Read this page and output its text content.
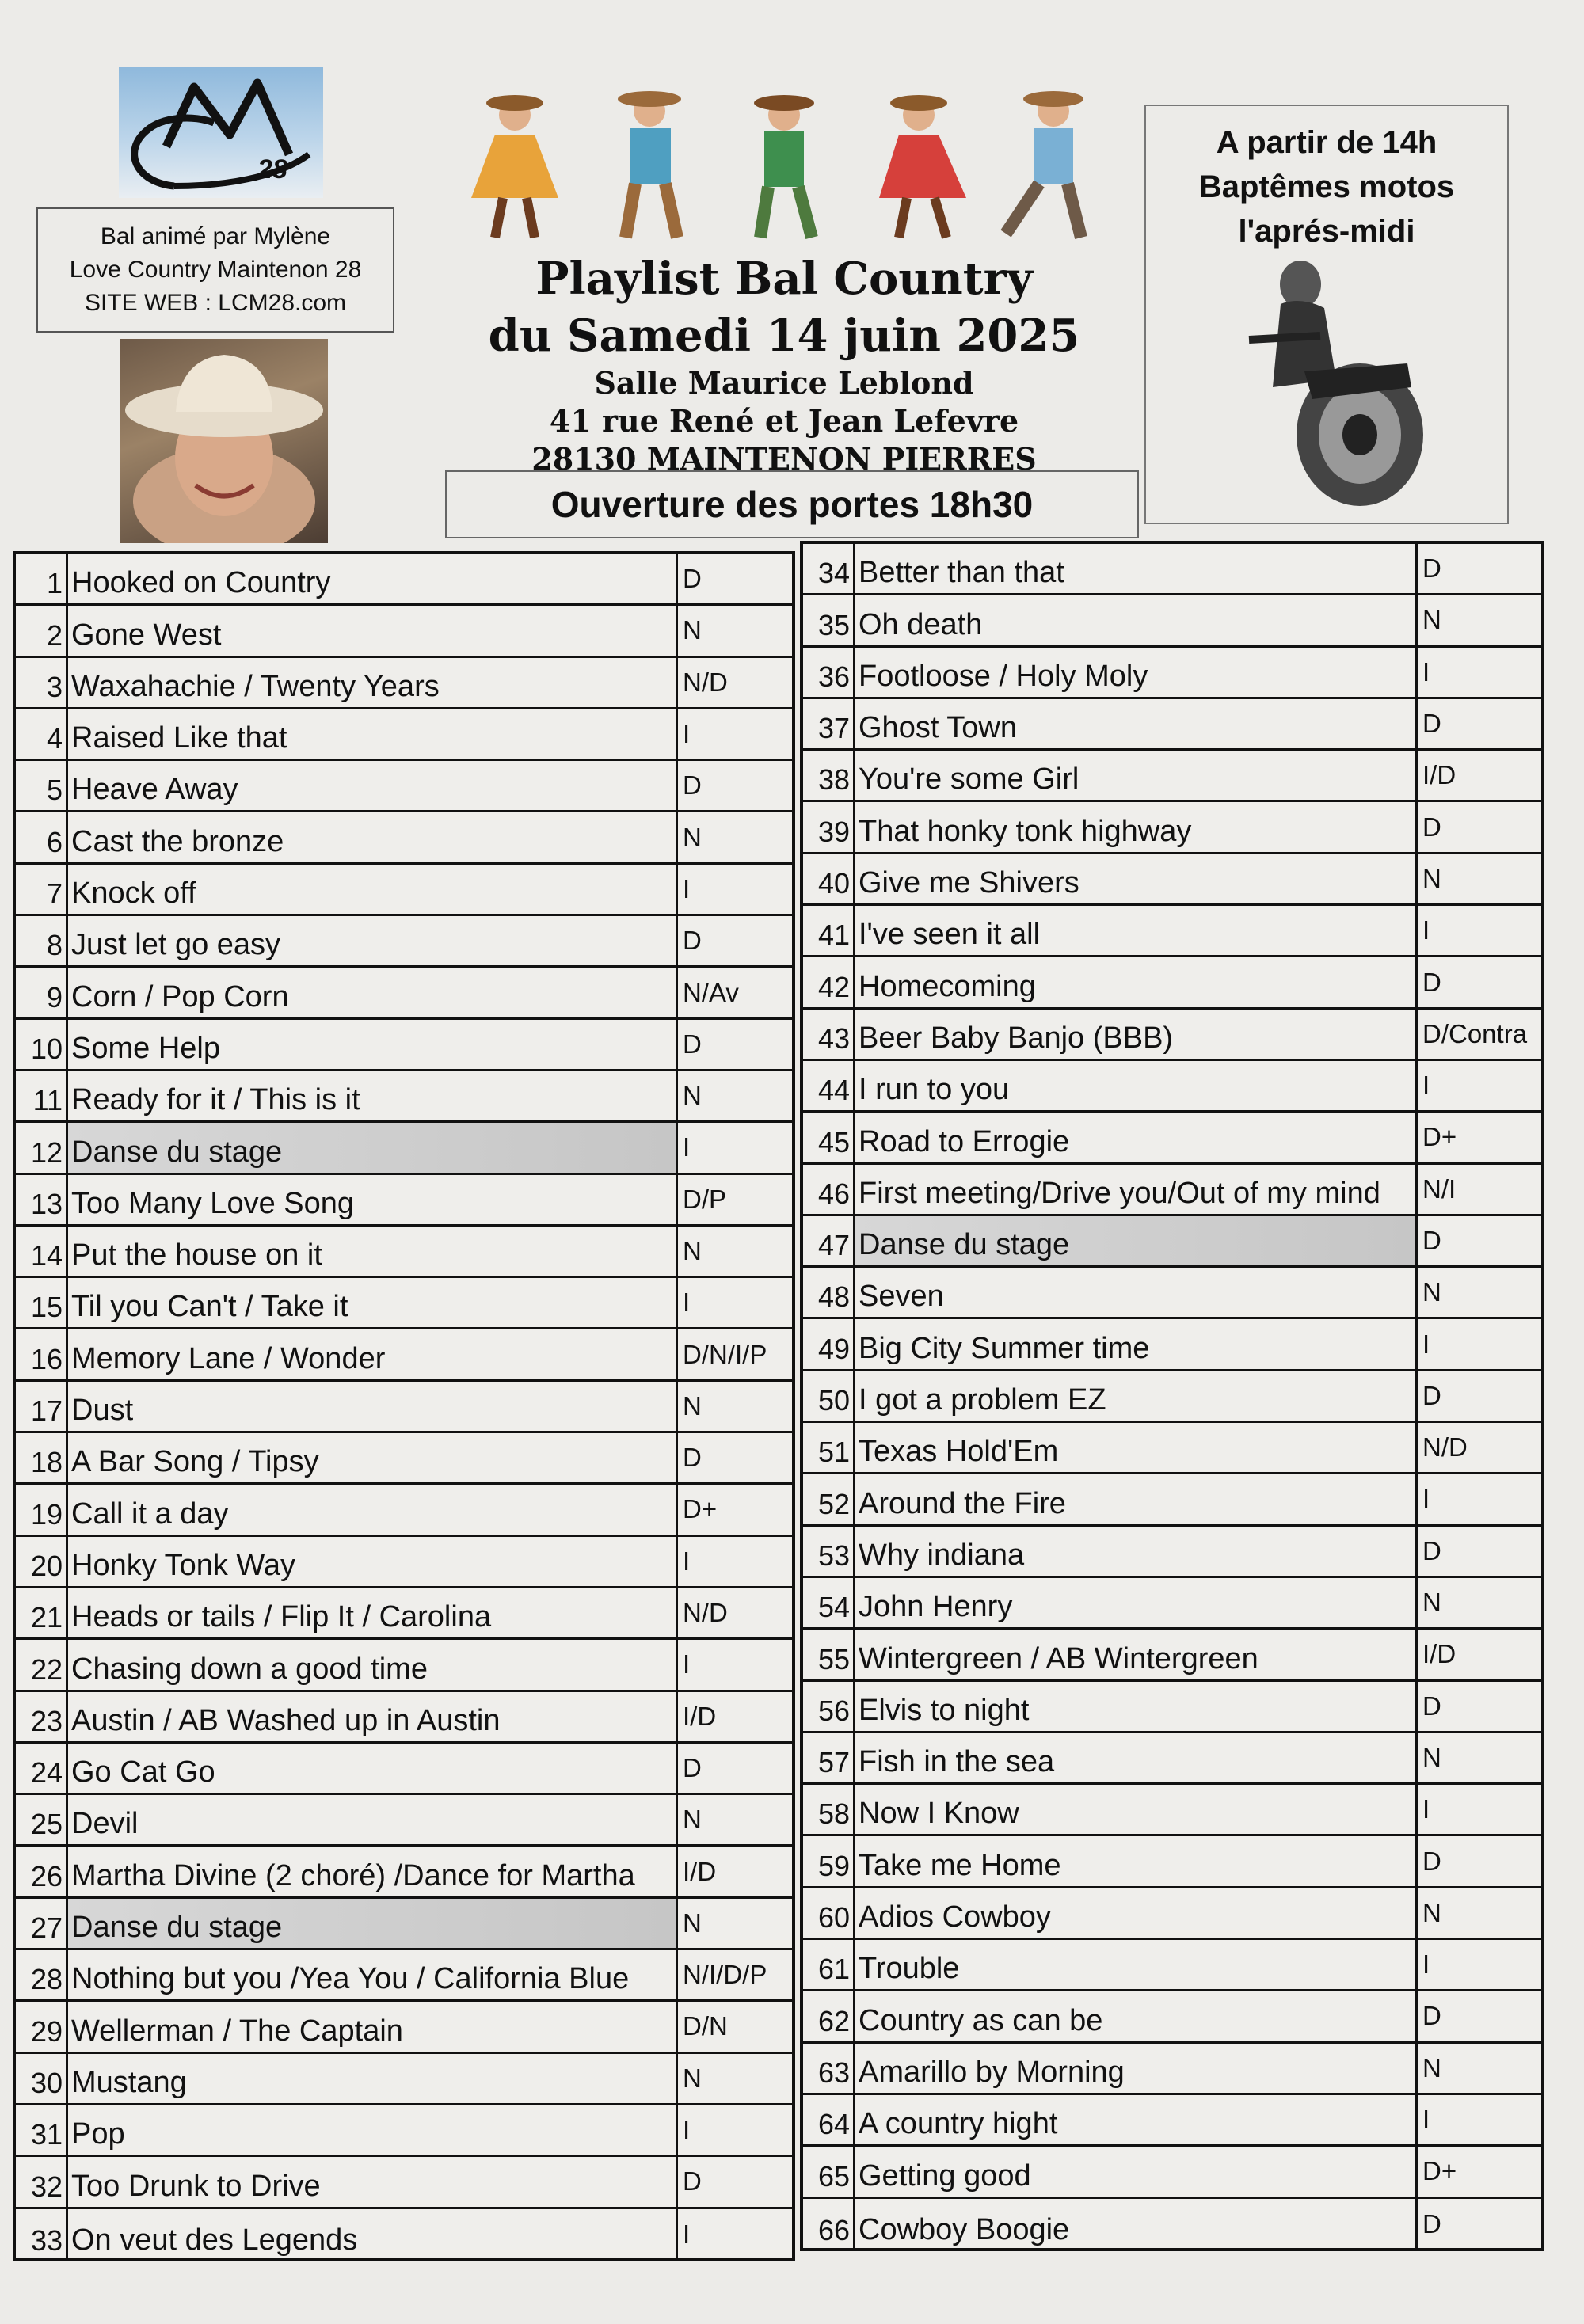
28
Bal animé par Mylène
Love Country Maintenon 28
SITE WEB : LCM28.com	Playlist Bal Country
du Samedi 14 juin 2025
Salle Maurice Leblond
41 rue René et Jean Lefevre
28130 MAINTENON PIERRES
Ouverture des portes 18h30
A partir de 14h
Baptêmes motos
l'aprés-midi
1 Hooked on Country	D
2 Gone West	N
3 Waxahachie / Twenty Years	N/D
4 Raised Like that	I
5 Heave Away	D
6 Cast the bronze	N
7 Knock off	I
8 Just let go easy	D
9 Corn / Pop Corn	N/Av
10 Some Help	D
11 Ready for it / This is it	N
12 Danse du stage	I
13 Too Many Love Song	D/P
14 Put the house on it	N
15 Til you Can't / Take it	I
16 Memory Lane / Wonder	D/N/I/P
17 Dust	N
18 A Bar Song / Tipsy	D
19 Call it a day	D+
20 Honky Tonk Way	I
21 Heads or tails / Flip It / Carolina	N/D
22 Chasing down a good time	I
23 Austin / AB Washed up in Austin	I/D
24 Go Cat Go	D
25 Devil	N
26 Martha Divine (2 choré) /Dance for Martha	I/D
27 Danse du stage	N
28 Nothing but you /Yea You / California Blue	N/I/D/P
29 Wellerman / The Captain	D/N
30 Mustang	N
31 Pop	I
32 Too Drunk to Drive	D
33 On veut des Legends	I
34 Better than that	D
35 Oh death	N
36 Footloose / Holy Moly	I
37 Ghost Town	D
38 You're some Girl	I/D
39 That honky tonk highway	D
40 Give me Shivers	N
41 I've seen it all	I
42 Homecoming	D
43 Beer Baby Banjo (BBB)	D/Contra
44 I run to you	I
45 Road to Errogie	D+
46 First meeting/Drive you/Out of my mind	N/I
47 Danse du stage	D
48 Seven	N
49 Big City Summer time	I
50 I got a problem EZ	D
51 Texas Hold'Em	N/D
52 Around the Fire	I
53 Why indiana	D
54 John Henry	N
55 Wintergreen / AB Wintergreen	I/D
56 Elvis to night	D
57 Fish in the sea	N
58 Now I Know	I
59 Take me Home	D
60 Adios Cowboy	N
61 Trouble	I
62 Country as can be	D
63 Amarillo by Morning	N
64 A country hight	I
65 Getting good	D+
66 Cowboy Boogie	D
